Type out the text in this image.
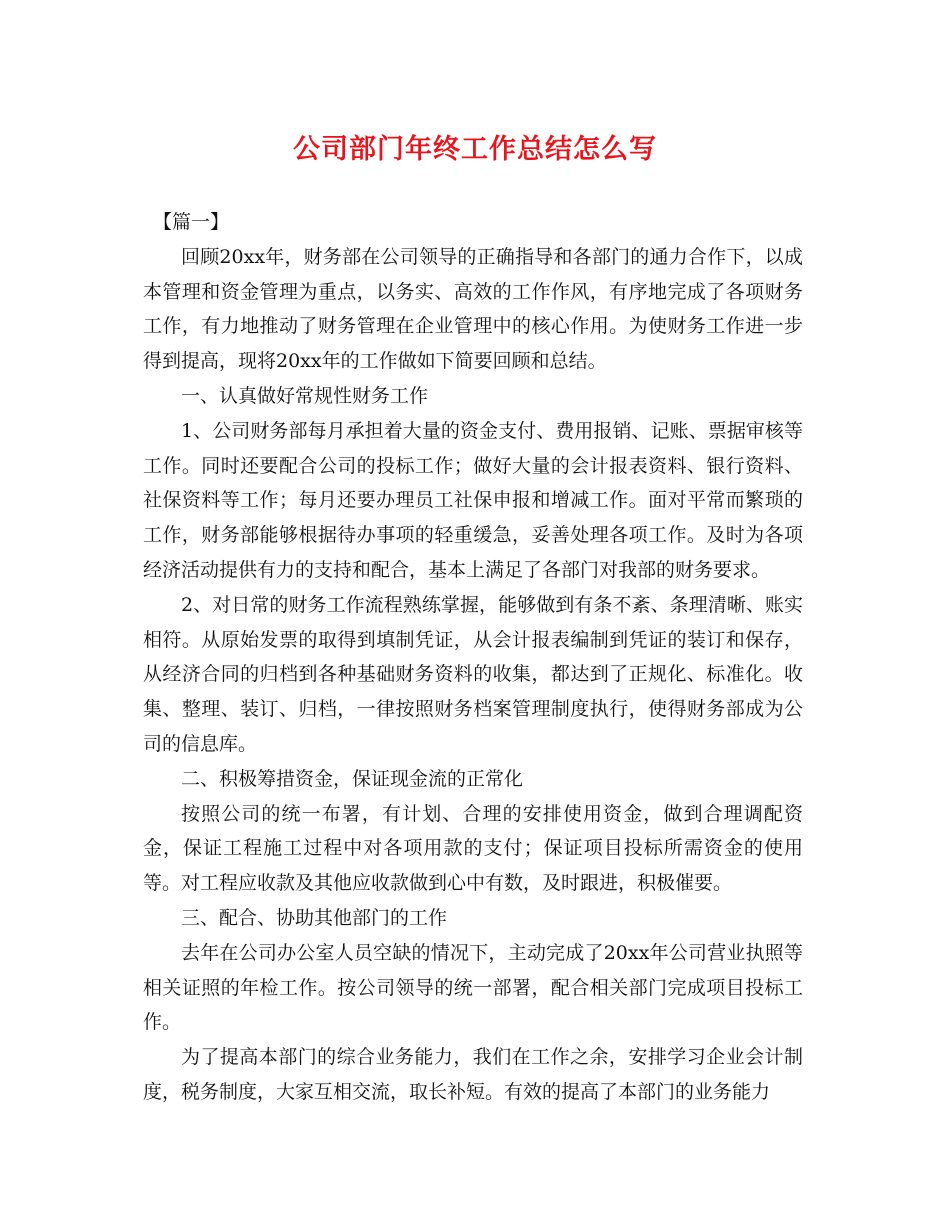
公司部门年终工作总结怎么写

【篇一】

回顾20xx年，财务部在公司领导的正确指导和各部门的通力合作下，以成本管理和资金管理为重点，以务实、高效的工作作风，有序地完成了各项财务工作，有力地推动了财务管理在企业管理中的核心作用。为使财务工作进一步得到提高，现将20xx年的工作做如下简要回顾和总结。

一、认真做好常规性财务工作

1、公司财务部每月承担着大量的资金支付、费用报销、记账、票据审核等工作。同时还要配合公司的投标工作；做好大量的会计报表资料、银行资料、社保资料等工作；每月还要办理员工社保申报和增减工作。面对平常而繁琐的工作，财务部能够根据待办事项的轻重缓急，妥善处理各项工作。及时为各项经济活动提供有力的支持和配合，基本上满足了各部门对我部的财务要求。

2、对日常的财务工作流程熟练掌握，能够做到有条不紊、条理清晰、账实相符。从原始发票的取得到填制凭证，从会计报表编制到凭证的装订和保存，从经济合同的归档到各种基础财务资料的收集，都达到了正规化、标准化。收集、整理、装订、归档，一律按照财务档案管理制度执行，使得财务部成为公司的信息库。

二、积极筹措资金，保证现金流的正常化

按照公司的统一布署，有计划、合理的安排使用资金，做到合理调配资金，保证工程施工过程中对各项用款的支付；保证项目投标所需资金的使用等。对工程应收款及其他应收款做到心中有数，及时跟进，积极催要。

三、配合、协助其他部门的工作

去年在公司办公室人员空缺的情况下，主动完成了20xx年公司营业执照等相关证照的年检工作。按公司领导的统一部署，配合相关部门完成项目投标工作。

为了提高本部门的综合业务能力，我们在工作之余，安排学习企业会计制度，税务制度，大家互相交流，取长补短。有效的提高了本部门的业务能力
